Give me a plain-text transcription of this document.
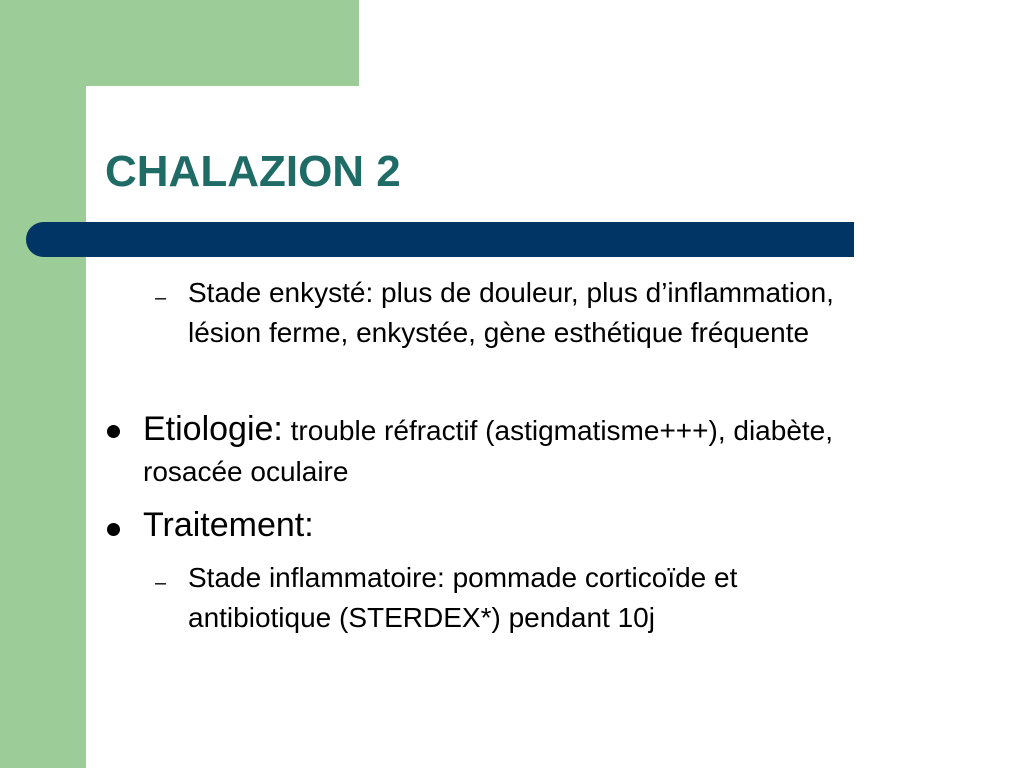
CHALAZION 2
– Stade enkysté: plus de douleur, plus d’inflammation, lésion ferme, enkystée, gène esthétique fréquente
Etiologie: trouble réfractif (astigmatisme+++), diabète, rosacée oculaire
Traitement:
– Stade inflammatoire: pommade corticoïde et antibiotique (STERDEX*) pendant 10j
